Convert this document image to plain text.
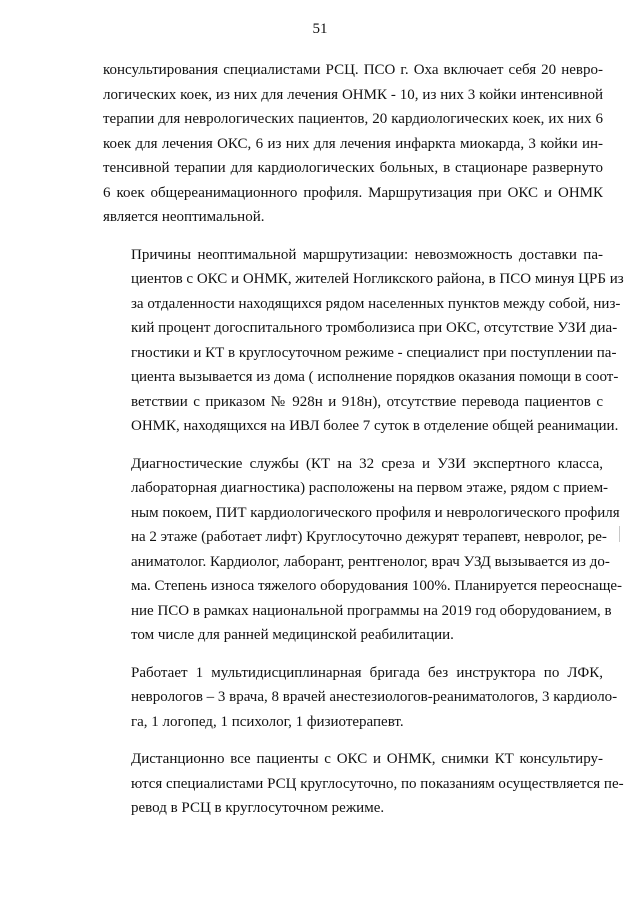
51

консультирования специалистами РСЦ. ПСО г. Оха включает себя 20 невро-
логических коек, из них для лечения ОНМК - 10, из них 3 койки интенсивной
терапии для неврологических пациентов, 20 кардиологических коек, их них 6
коек для лечения ОКС, 6 из них для лечения инфаркта миокарда, 3 койки ин-
тенсивной терапии для кардиологических больных, в стационаре развернуто
6 коек общереанимационного профиля. Маршрутизация при ОКС и ОНМК
является неоптимальной.

Причины неоптимальной маршрутизации: невозможность доставки па-
циентов с ОКС и ОНМК, жителей Ногликского района, в ПСО минуя ЦРБ из
за отдаленности находящихся рядом населенных пунктов между собой, низ-
кий процент догоспитального тромболизиса при ОКС, отсутствие УЗИ диа-
гностики и КТ в круглосуточном режиме - специалист при поступлении па-
циента вызывается из дома ( исполнение порядков оказания помощи в соот-
ветствии с приказом № 928н и 918н), отсутствие перевода пациентов с
ОНМК, находящихся на ИВЛ более 7 суток в отделение общей реанимации.

Диагностические службы (КТ на 32 среза и УЗИ экспертного класса,
лабораторная диагностика) расположены на первом этаже, рядом с прием-
ным покоем, ПИТ кардиологического профиля и неврологического профиля
на 2 этаже (работает лифт) Круглосуточно дежурят терапевт, невролог, ре-
аниматолог. Кардиолог, лаборант, рентгенолог, врач УЗД вызывается из до-
ма. Степень износа тяжелого оборудования 100%. Планируется переоснаще-
ние ПСО в рамках национальной программы на 2019 год оборудованием, в
том числе для ранней медицинской реабилитации.

Работает 1 мультидисциплинарная бригада без инструктора по ЛФК,
неврологов – 3 врача, 8 врачей анестезиологов-реаниматологов, 3 кардиоло-
га, 1 логопед, 1 психолог, 1 физиотерапевт.

Дистанционно все пациенты с ОКС и ОНМК, снимки КТ консультиру-
ются специалистами РСЦ круглосуточно, по показаниям осуществляется пе-
ревод в РСЦ в круглосуточном режиме.
